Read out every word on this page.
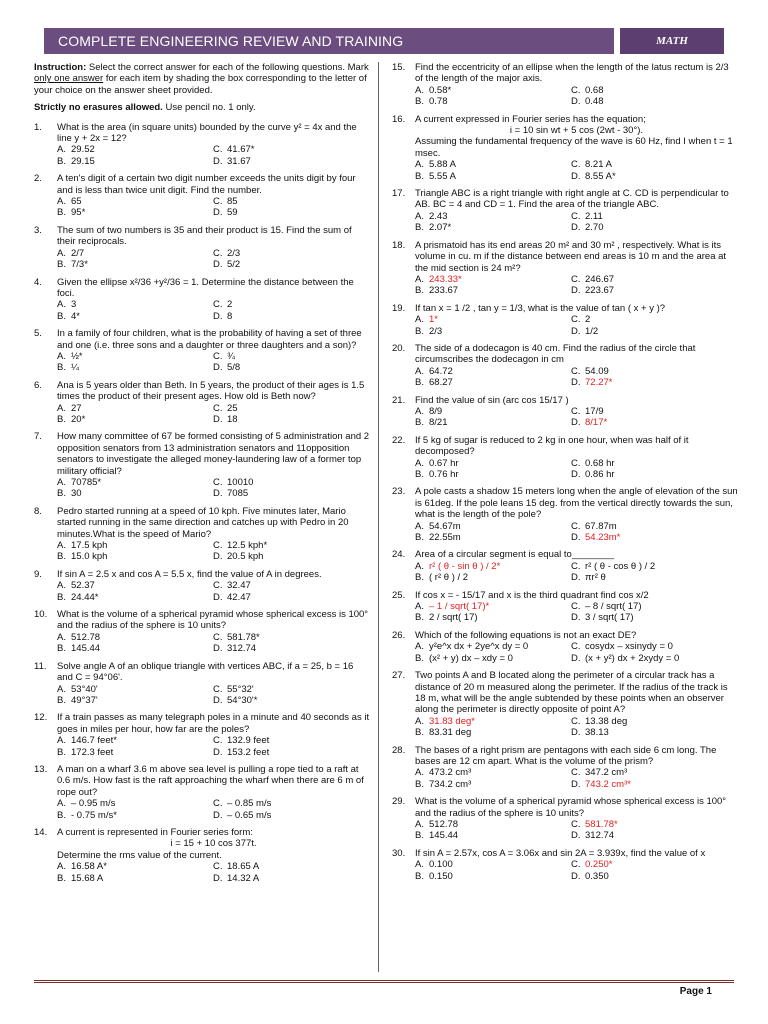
COMPLETE ENGINEERING REVIEW AND TRAINING	MATH

Instruction: Select the correct answer for each of the following questions. Mark only one answer for each item by shading the box corresponding to the letter of your choice on the answer sheet provided.

Strictly no erasures allowed. Use pencil no. 1 only.

1.	What is the area (in square units) bounded by the curve y² = 4x and the line y + 2x = 12?
A. 29.52	C. 41.67*
B. 29.15	D. 31.67
2.	A ten's digit of a certain two digit number exceeds the units digit by four and is less than twice unit digit. Find the number.
A. 65	C. 85
B. 95*	D. 59
3.	The sum of two numbers is 35 and their product is 15. Find the sum of their reciprocals.
A. 2/7	C. 2/3
B. 7/3*	D. 5/2
4.	Given the ellipse x²/36 +y²/36 = 1. Determine the distance between the foci.
A. 3	C. 2
B. 4*	D. 8
5.	In a family of four children, what is the probability of having a set of three and one (i.e. three sons and a daughter or three daughters and a son)?
A. ½*	C. ¾
B. ¼	D. 5/8
6.	Ana is 5 years older than Beth. In 5 years, the product of their ages is 1.5 times the product of their present ages. How old is Beth now?
A. 27	C. 25
B. 20*	D. 18
7.	How many committee of 67 be formed consisting of 5 administration and 2 opposition senators from 13 administration senators and 11opposition senators to investigate the alleged money-laundering law of a former top military official?
A. 70785*	C. 10010
B. 30	D. 7085
8.	Pedro started running at a speed of 10 kph. Five minutes later, Mario started running in the same direction and catches up with Pedro in 20 minutes.What is the speed of Mario?
A. 17.5 kph	C. 12.5 kph*
B. 15.0 kph	D. 20.5 kph
9.	If sin A = 2.5 x and cos A = 5.5 x, find the value of A in degrees.
A. 52.37	C. 32.47
B. 24.44*	D. 42.47
10.	What is the volume of a spherical pyramid whose spherical excess is 100° and the radius of the sphere is 10 units?
A. 512.78	C. 581.78*
B. 145.44	D. 312.74
11.	Solve angle A of an oblique triangle with vertices ABC, if a = 25, b = 16 and C = 94°06'.
A. 53°40'	C. 55°32'
B. 49°37'	D. 54°30'*
12.	If a train passes as many telegraph poles in a minute and 40 seconds as it goes in miles per hour, how far are the poles?
A. 146.7 feet*	C. 132.9 feet
B. 172.3 feet	D. 153.2 feet
13.	A man on a wharf 3.6 m above sea level is pulling a rope tied to a raft at 0.6 m/s. How fast is the raft approaching the wharf when there are 6 m of rope out?
A. – 0.95 m/s	C. – 0.85 m/s
B. - 0.75 m/s*	D. – 0.65 m/s
14.	A current is represented in Fourier series form:
i = 15 + 10 cos 377t.
Determine the rms value of the current.
A. 16.58 A*	C. 18.65 A
B. 15.68 A	D. 14.32 A
15.	Find the eccentricity of an ellipse when the length of the latus rectum is 2/3 of the length of the major axis.
A. 0.58*	C. 0.68
B. 0.78	D. 0.48
16.	A current expressed in Fourier series has the equation;
i = 10 sin wt + 5 cos (2wt - 30°).
Assuming the fundamental frequency of the wave is 60 Hz, find I when t = 1 msec.
A. 5.88 A	C. 8.21 A
B. 5.55 A	D. 8.55 A*
17.	Triangle ABC is a right triangle with right angle at C. CD is perpendicular to AB. BC = 4 and CD = 1. Find the area of the triangle ABC.
A. 2.43	C. 2.11
B. 2.07*	D. 2.70
18.	A prismatoid has its end areas 20 m² and 30 m² , respectively. What is its volume in cu. m if the distance between end areas is 10 m and the area at the mid section is 24 m²?
A. 243.33*	C. 246.67
B. 233.67	D. 223.67
19.	If tan x = 1 /2 , tan y = 1/3, what is the value of tan ( x + y )?
A. 1*	C. 2
B. 2/3	D. 1/2
20.	The side of a dodecagon is 40 cm. Find the radius of the circle that circumscribes the dodecagon in cm
A. 64.72	C. 54.09
B. 68.27	D. 72.27*
21.	Find the value of sin (arc cos 15/17 )
A. 8/9	C. 17/9
B. 8/21	D. 8/17*
22.	If 5 kg of sugar is reduced to 2 kg in one hour, when was half of it decomposed?
A. 0.67 hr	C. 0.68 hr
B. 0.76 hr	D. 0.86 hr
23.	A pole casts a shadow 15 meters long when the angle of elevation of the sun is 61deg. If the pole leans 15 deg. from the vertical directly towards the sun, what is the length of the pole?
A. 54.67m	C. 67.87m
B. 22.55m	D. 54.23m*
24.	Area of a circular segment is equal to________
A. r² ( θ - sin θ ) / 2*	C. r² ( θ - cos θ ) / 2
B. ( r² θ ) / 2	D. πr² θ
25.	If cos x = - 15/17 and x is the third quadrant find cos x/2
A. – 1 / sqrt( 17)*	C. – 8 / sqrt( 17)
B. 2 / sqrt( 17)	D. 3 / sqrt( 17)
26.	Which of the following equations is not an exact DE?
A. y²e^x dx + 2ye^x dy = 0	C. cosydx – xsinydy = 0
B. (x² + y) dx – xdy = 0	D. (x + y²) dx + 2xydy = 0
27.	Two points A and B located along the perimeter of a circular track has a distance of 20 m measured along the perimeter. If the radius of the track is 18 m, what will be the angle subtended by these points when an observer along the perimeter is directly opposite of point A?
A. 31.83 deg*	C. 13.38 deg
B. 83.31 deg	D. 38.13
28.	The bases of a right prism are pentagons with each side 6 cm long. The bases are 12 cm apart. What is the volume of the prism?
A. 473.2 cm³	C. 347.2 cm³
B. 734.2 cm³	D. 743.2 cm³*
29.	What is the volume of a spherical pyramid whose spherical excess is 100° and the radius of the sphere is 10 units?
A. 512.78	C. 581.78*
B. 145.44	D. 312.74
30.	If sin A = 2.57x, cos A = 3.06x and sin 2A = 3.939x, find the value of x
A. 0.100	C. 0.250*
B. 0.150	D. 0.350
Page 1
